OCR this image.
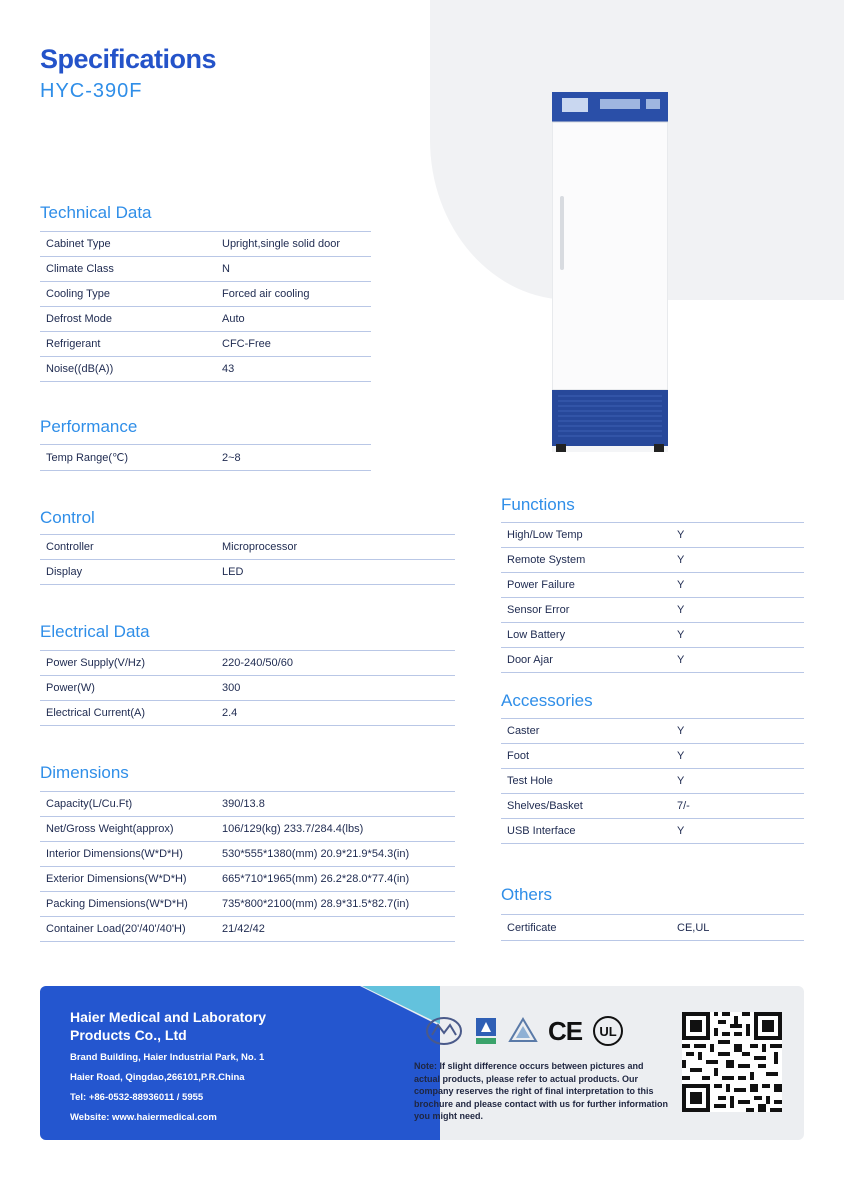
Specifications
HYC-390F
Technical Data
Cabinet Type	Upright,single solid door
Climate Class	N
Cooling Type	Forced air cooling
Defrost Mode	Auto
Refrigerant	CFC-Free
Noise((dB(A))	43
Performance
Temp Range(℃)	2~8
Control
Controller	Microprocessor
Display	LED
Electrical Data
Power Supply(V/Hz)	220-240/50/60
Power(W)	300
Electrical Current(A)	2.4
Dimensions
Capacity(L/Cu.Ft)	390/13.8
Net/Gross Weight(approx)	106/129(kg) 233.7/284.4(lbs)
Interior Dimensions(W*D*H)	530*555*1380(mm) 20.9*21.9*54.3(in)
Exterior Dimensions(W*D*H)	665*710*1965(mm) 26.2*28.0*77.4(in)
Packing Dimensions(W*D*H)	735*800*2100(mm) 28.9*31.5*82.7(in)
Container Load(20'/40'/40'H)	21/42/42
Functions
High/Low Temp	Y
Remote System	Y
Power Failure	Y
Sensor Error	Y
Low Battery	Y
Door Ajar	Y
Accessories
Caster	Y
Foot	Y
Test Hole	Y
Shelves/Basket	7/-
USB Interface	Y
Others
Certificate	CE,UL
Haier Medical and Laboratory
Products Co., Ltd
Brand Building, Haier Industrial Park, No. 1
Haier Road, Qingdao,266101,P.R.China
Tel: +86-0532-88936011 / 5955
Website: www.haiermedical.com
CE UL
Note: If slight difference occurs between pictures and actual products, please refer to actual products. Our company reserves the right of final interpretation to this brochure and please contact with us for further information you might need.
